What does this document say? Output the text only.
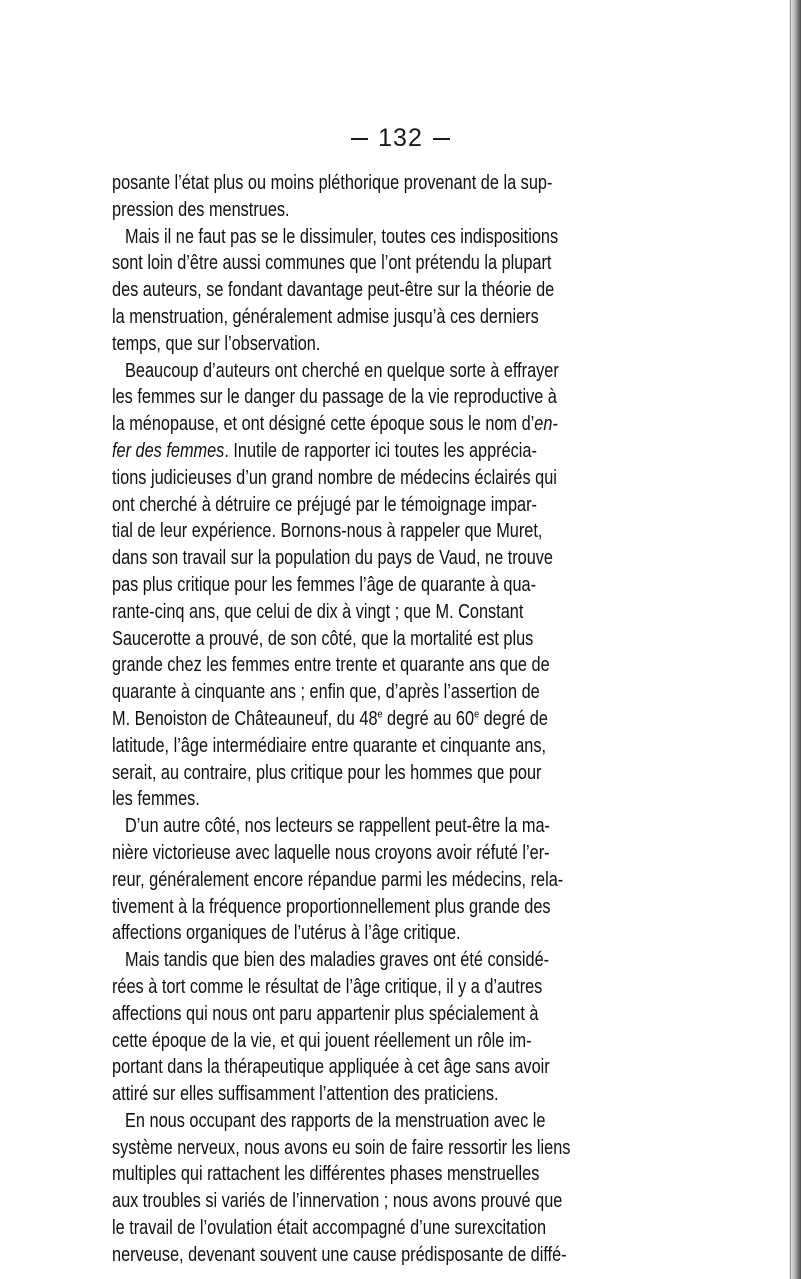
132
posante l’état plus ou moins pléthorique provenant de la sup-
pression des menstrues.
Mais il ne faut pas se le dissimuler, toutes ces indispositions
sont loin d’être aussi communes que l’ont prétendu la plupart
des auteurs, se fondant davantage peut-être sur la théorie de
la menstruation, généralement admise jusqu’à ces derniers
temps, que sur l’observation.
Beaucoup d’auteurs ont cherché en quelque sorte à effrayer
les femmes sur le danger du passage de la vie reproductive à
la ménopause, et ont désigné cette époque sous le nom d’en-
fer des femmes. Inutile de rapporter ici toutes les apprécia-
tions judicieuses d’un grand nombre de médecins éclairés qui
ont cherché à détruire ce préjugé par le témoignage impar-
tial de leur expérience. Bornons-nous à rappeler que Muret,
dans son travail sur la population du pays de Vaud, ne trouve
pas plus critique pour les femmes l’âge de quarante à qua-
rante-cinq ans, que celui de dix à vingt ; que M. Constant
Saucerotte a prouvé, de son côté, que la mortalité est plus
grande chez les femmes entre trente et quarante ans que de
quarante à cinquante ans ; enfin que, d’après l’assertion de
M. Benoiston de Châteauneuf, du 48e degré au 60e degré de
latitude, l’âge intermédiaire entre quarante et cinquante ans,
serait, au contraire, plus critique pour les hommes que pour
les femmes.
D’un autre côté, nos lecteurs se rappellent peut-être la ma-
nière victorieuse avec laquelle nous croyons avoir réfuté l’er-
reur, généralement encore répandue parmi les médecins, rela-
tivement à la fréquence proportionnellement plus grande des
affections organiques de l’utérus à l’âge critique.
Mais tandis que bien des maladies graves ont été considé-
rées à tort comme le résultat de l’âge critique, il y a d’autres
affections qui nous ont paru appartenir plus spécialement à
cette époque de la vie, et qui jouent réellement un rôle im-
portant dans la thérapeutique appliquée à cet âge sans avoir
attiré sur elles suffisamment l’attention des praticiens.
En nous occupant des rapports de la menstruation avec le
système nerveux, nous avons eu soin de faire ressortir les liens
multiples qui rattachent les différentes phases menstruelles
aux troubles si variés de l’innervation ; nous avons prouvé que
le travail de l’ovulation était accompagné d’une surexcitation
nerveuse, devenant souvent une cause prédisposante de diffé-
